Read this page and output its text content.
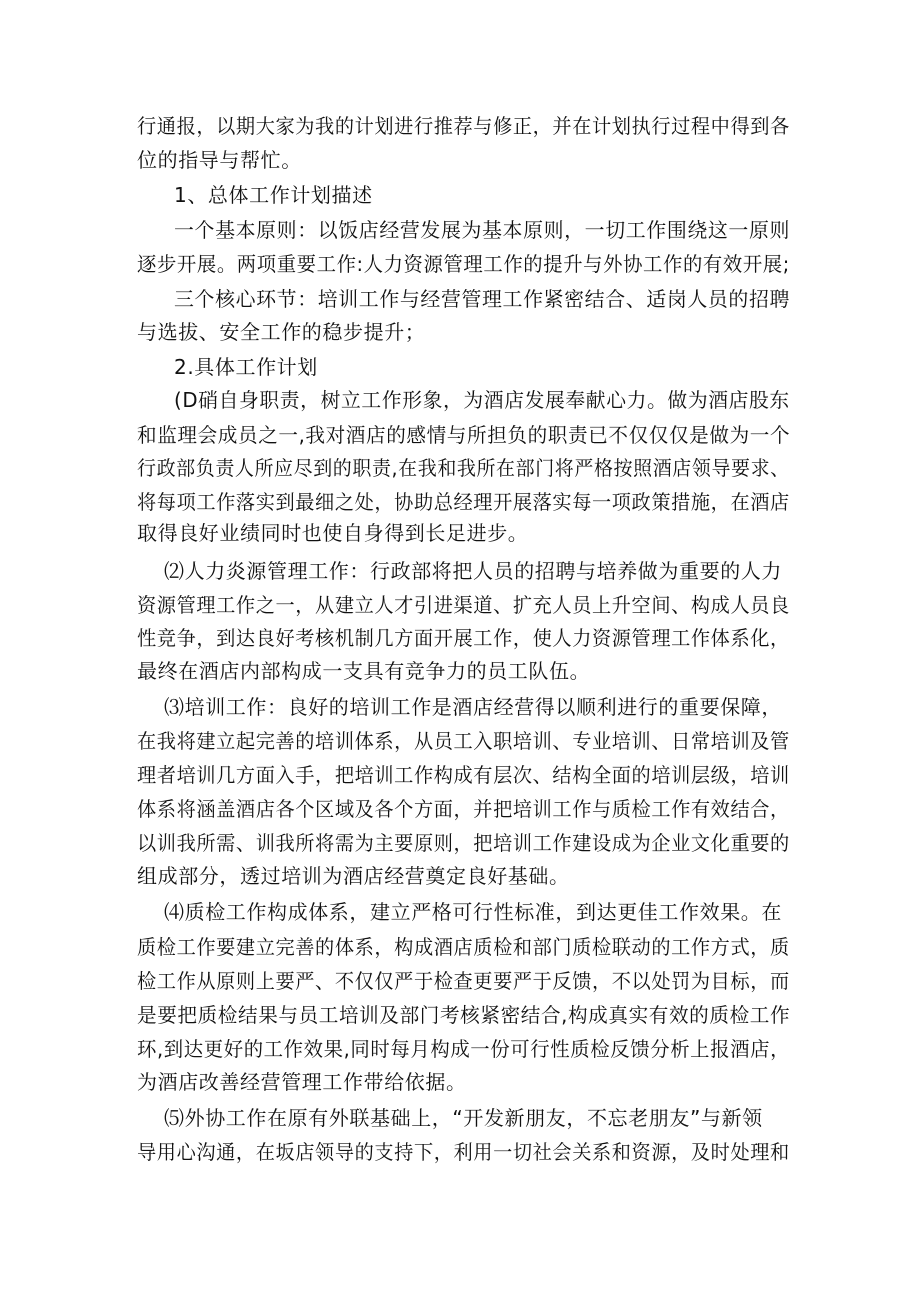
行通报，以期大家为我的计划进行推荐与修正，并在计划执行过程中得到各
位的指导与帮忙。
1、总体工作计划描述
一个基本原则：以饭店经营发展为基本原则，一切工作围绕这一原则
逐步开展。两项重要工作:人力资源管理工作的提升与外协工作的有效开展;
三个核心环节：培训工作与经营管理工作紧密结合、适岗人员的招聘
与选拔、安全工作的稳步提升；
2.具体工作计划
(D硝自身职责，树立工作形象，为酒店发展奉献心力。做为酒店股东
和监理会成员之一,我对酒店的感情与所担负的职责已不仅仅仅是做为一个
行政部负责人所应尽到的职责,在我和我所在部门将严格按照酒店领导要求、
将每项工作落实到最细之处，协助总经理开展落实每一项政策措施，在酒店
取得良好业绩同时也使自身得到长足进步。
⑵人力炎源管理工作：行政部将把人员的招聘与培养做为重要的人力
资源管理工作之一，从建立人才引进渠道、扩充人员上升空间、构成人员良
性竞争，到达良好考核机制几方面开展工作，使人力资源管理工作体系化，
最终在酒店内部构成一支具有竞争力的员工队伍。
⑶培训工作：良好的培训工作是酒店经营得以顺利进行的重要保障，
在我将建立起完善的培训体系，从员工入职培训、专业培训、日常培训及管
理者培训几方面入手，把培训工作构成有层次、结构全面的培训层级，培训
体系将涵盖酒店各个区域及各个方面，并把培训工作与质检工作有效结合，
以训我所需、训我所将需为主要原则，把培训工作建设成为企业文化重要的
组成部分，透过培训为酒店经营奠定良好基础。
⑷质检工作构成体系，建立严格可行性标准，到达更佳工作效果。在
质检工作要建立完善的体系，构成酒店质检和部门质检联动的工作方式，质
检工作从原则上要严、不仅仅严于检查更要严于反馈，不以处罚为目标，而
是要把质检结果与员工培训及部门考核紧密结合,构成真实有效的质检工作
环,到达更好的工作效果,同时每月构成一份可行性质检反馈分析上报酒店，
为酒店改善经营管理工作带给依据。
⑸外协工作在原有外联基础上，“开发新朋友，不忘老朋友”与新领
导用心沟通，在坂店领导的支持下，利用一切社会关系和资源，及时处理和
